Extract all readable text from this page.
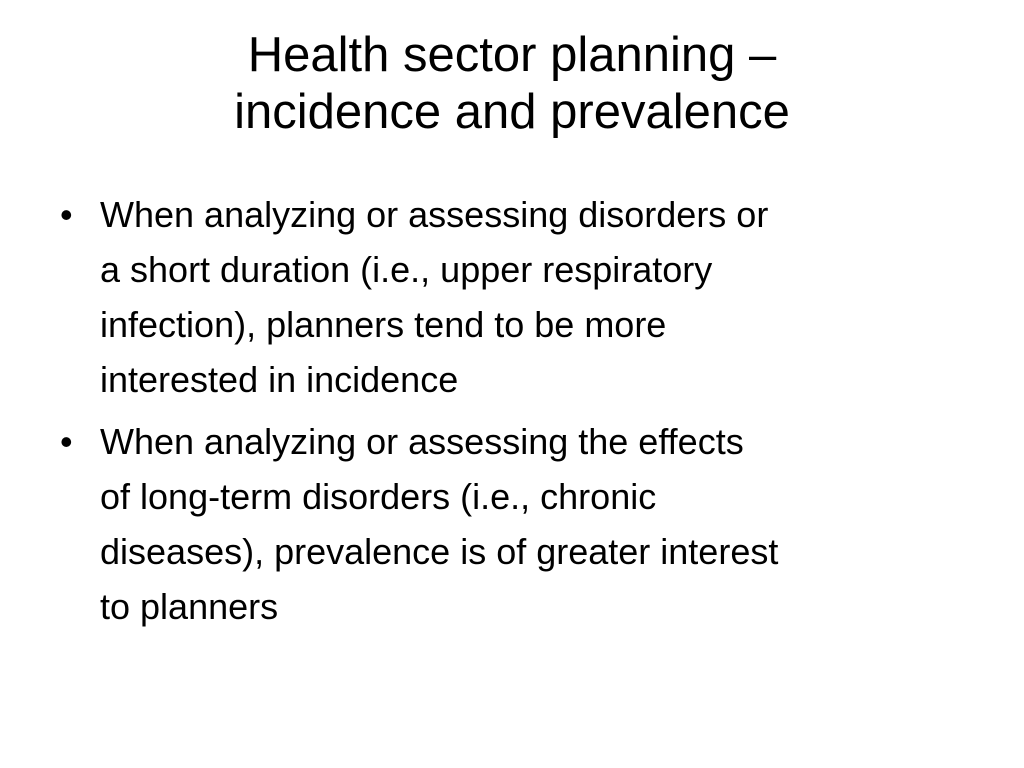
Health sector planning –
incidence and prevalence
• When analyzing or assessing disorders or
a short duration (i.e., upper respiratory
infection), planners tend to be more
interested in incidence
• When analyzing or assessing the effects
of long-term disorders (i.e., chronic
diseases), prevalence is of greater interest
to planners
